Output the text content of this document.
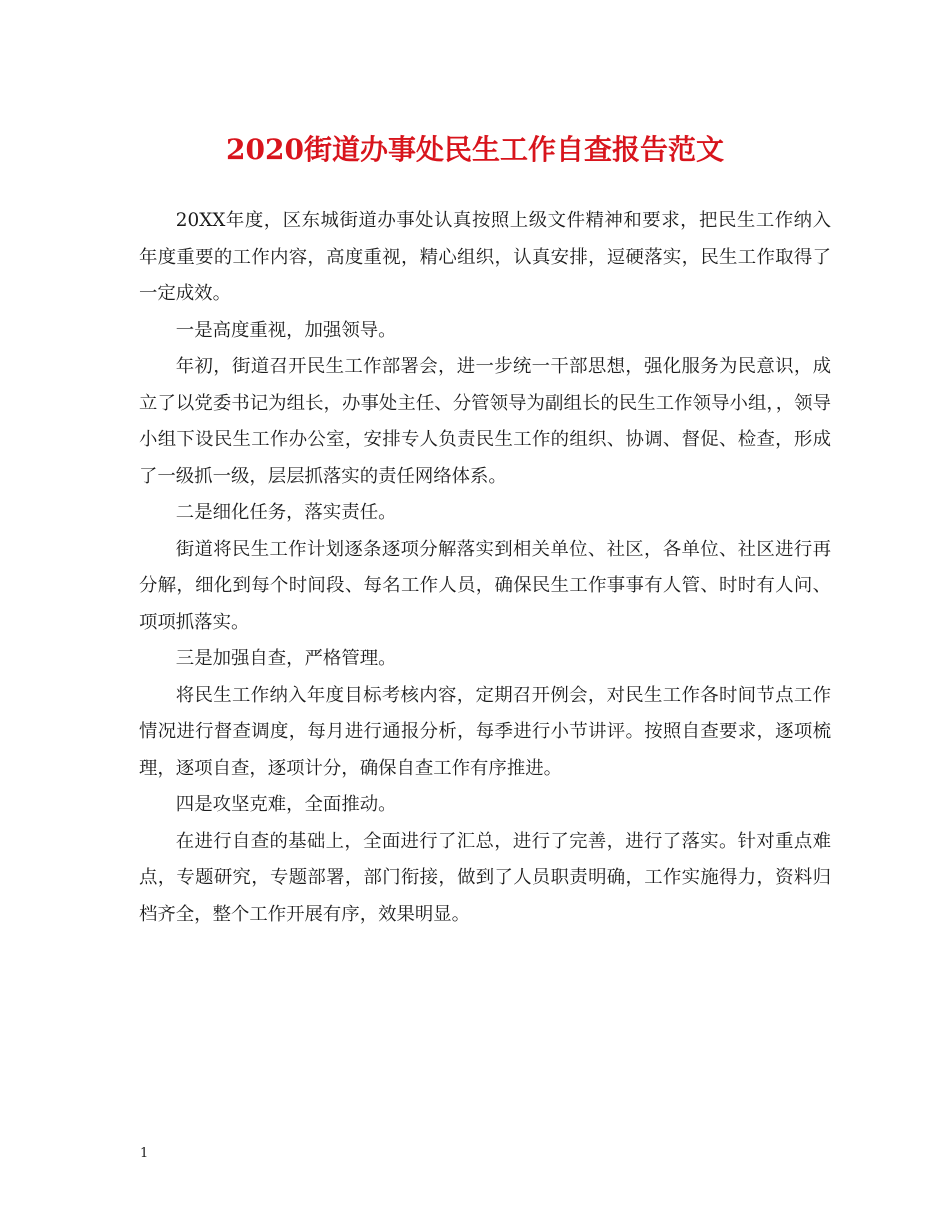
2020街道办事处民生工作自查报告范文

20XX年度，区东城街道办事处认真按照上级文件精神和要求，把民生工作纳入年度重要的工作内容，高度重视，精心组织，认真安排，逗硬落实，民生工作取得了一定成效。

一是高度重视，加强领导。

年初，街道召开民生工作部署会，进一步统一干部思想，强化服务为民意识，成立了以党委书记为组长，办事处主任、分管领导为副组长的民生工作领导小组，，领导小组下设民生工作办公室，安排专人负责民生工作的组织、协调、督促、检查，形成了一级抓一级，层层抓落实的责任网络体系。

二是细化任务，落实责任。

街道将民生工作计划逐条逐项分解落实到相关单位、社区，各单位、社区进行再分解，细化到每个时间段、每名工作人员，确保民生工作事事有人管、时时有人问、项项抓落实。

三是加强自查，严格管理。

将民生工作纳入年度目标考核内容，定期召开例会，对民生工作各时间节点工作情况进行督查调度，每月进行通报分析，每季进行小节讲评。按照自查要求，逐项梳理，逐项自查，逐项计分，确保自查工作有序推进。

四是攻坚克难，全面推动。

在进行自查的基础上，全面进行了汇总，进行了完善，进行了落实。针对重点难点，专题研究，专题部署，部门衔接，做到了人员职责明确，工作实施得力，资料归档齐全，整个工作开展有序，效果明显。

1
